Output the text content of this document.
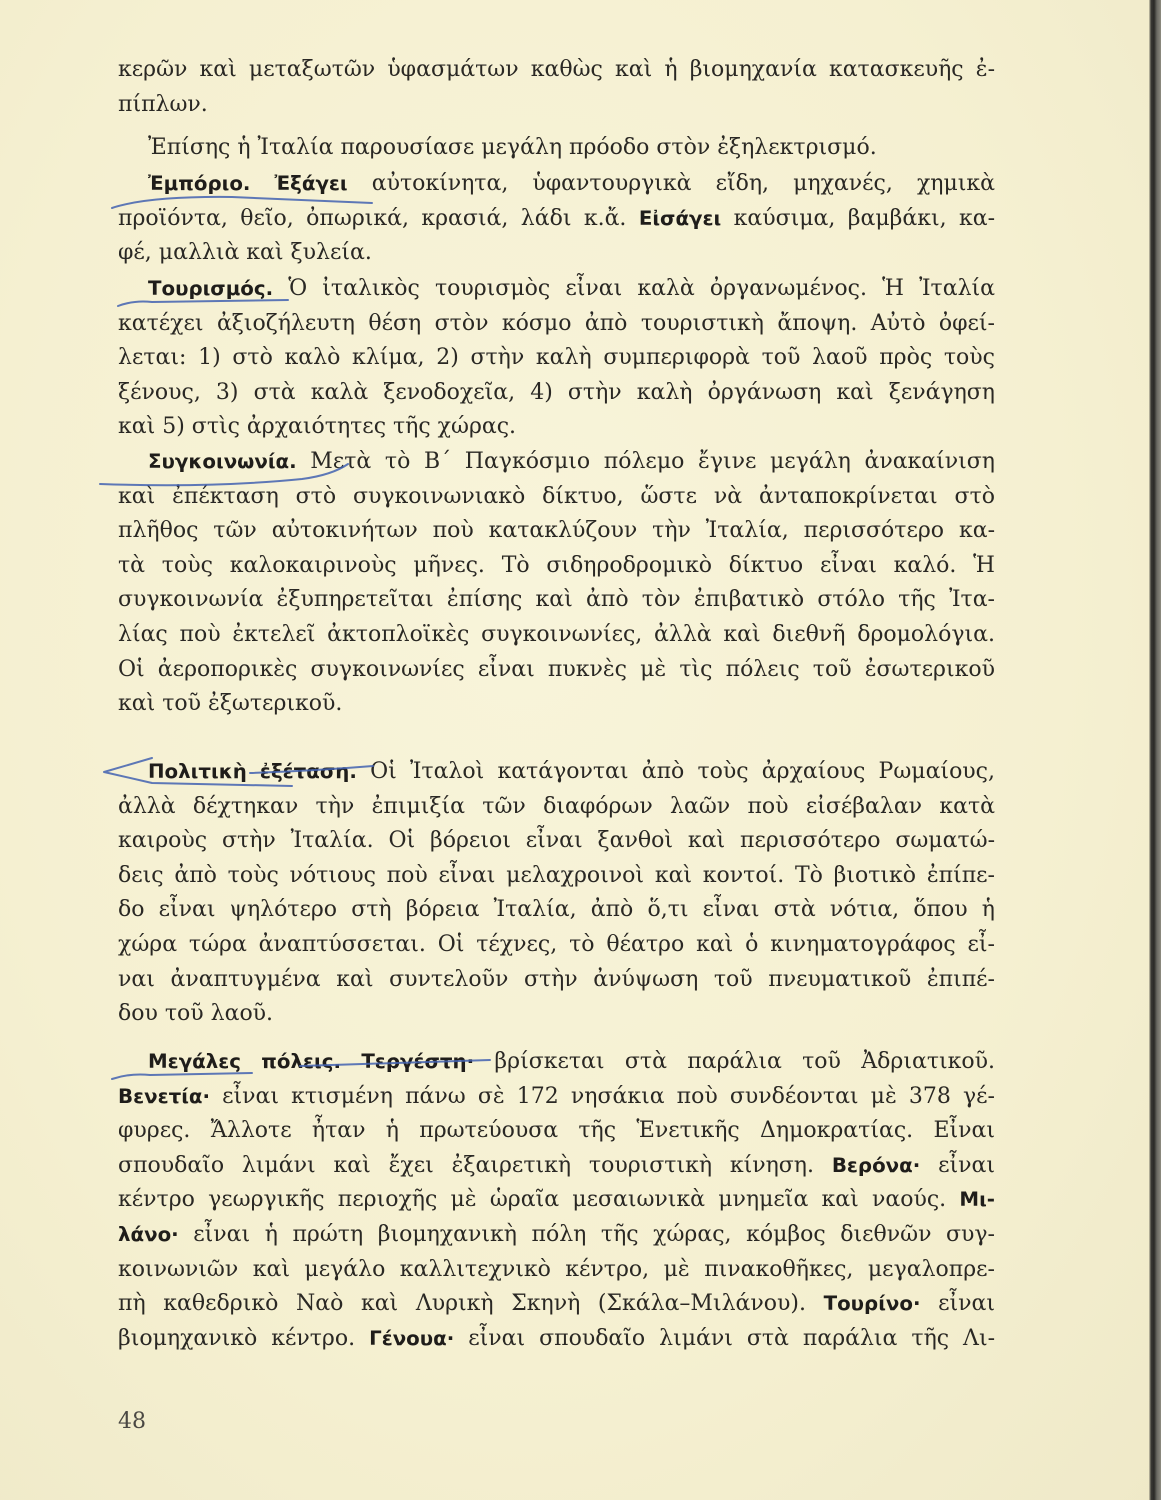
κερῶν καὶ μεταξωτῶν ὑφασμάτων καθὼς καὶ ἡ βιομηχανία κατασκευῆς ἐ-
πίπλων.
Ἐπίσης ἡ Ἰταλία παρουσίασε μεγάλη πρόοδο στὸν ἐξηλεκτρισμό.
Ἐμπόριο. Ἐξάγει αὐτοκίνητα, ὑφαντουργικὰ εἴδη, μηχανές, χημικὰ
προϊόντα, θεῖο, ὀπωρικά, κρασιά, λάδι κ.ἄ. Εἰσάγει καύσιμα, βαμβάκι, κα-
φέ, μαλλιὰ καὶ ξυλεία.
Τουρισμός. Ὁ ἰταλικὸς τουρισμὸς εἶναι καλὰ ὀργανωμένος. Ἡ Ἰταλία
κατέχει ἀξιοζήλευτη θέση στὸν κόσμο ἀπὸ τουριστικὴ ἄποψη. Αὐτὸ ὀφεί-
λεται: 1) στὸ καλὸ κλίμα, 2) στὴν καλὴ συμπεριφορὰ τοῦ λαοῦ πρὸς τοὺς
ξένους, 3) στὰ καλὰ ξενοδοχεῖα, 4) στὴν καλὴ ὀργάνωση καὶ ξενάγηση
καὶ 5) στὶς ἀρχαιότητες τῆς χώρας.
Συγκοινωνία. Μετὰ τὸ Β΄ Παγκόσμιο πόλεμο ἔγινε μεγάλη ἀνακαίνιση
καὶ ἐπέκταση στὸ συγκοινωνιακὸ δίκτυο, ὥστε νὰ ἀνταποκρίνεται στὸ
πλῆθος τῶν αὐτοκινήτων ποὺ κατακλύζουν τὴν Ἰταλία, περισσότερο κα-
τὰ τοὺς καλοκαιρινοὺς μῆνες. Τὸ σιδηροδρομικὸ δίκτυο εἶναι καλό. Ἡ
συγκοινωνία ἐξυπηρετεῖται ἐπίσης καὶ ἀπὸ τὸν ἐπιβατικὸ στόλο τῆς Ἰτα-
λίας ποὺ ἐκτελεῖ ἀκτοπλοϊκὲς συγκοινωνίες, ἀλλὰ καὶ διεθνῆ δρομολόγια.
Οἱ ἀεροπορικὲς συγκοινωνίες εἶναι πυκνὲς μὲ τὶς πόλεις τοῦ ἐσωτερικοῦ
καὶ τοῦ ἐξωτερικοῦ.
Πολιτικὴ ἐξέταση. Οἱ Ἰταλοὶ κατάγονται ἀπὸ τοὺς ἀρχαίους Ρωμαίους,
ἀλλὰ δέχτηκαν τὴν ἐπιμιξία τῶν διαφόρων λαῶν ποὺ εἰσέβαλαν κατὰ
καιροὺς στὴν Ἰταλία. Οἱ βόρειοι εἶναι ξανθοὶ καὶ περισσότερο σωματώ-
δεις ἀπὸ τοὺς νότιους ποὺ εἶναι μελαχροινοὶ καὶ κοντοί. Τὸ βιοτικὸ ἐπίπε-
δο εἶναι ψηλότερο στὴ βόρεια Ἰταλία, ἀπὸ ὅ,τι εἶναι στὰ νότια, ὅπου ἡ
χώρα τώρα ἀναπτύσσεται. Οἱ τέχνες, τὸ θέατρο καὶ ὁ κινηματογράφος εἶ-
ναι ἀναπτυγμένα καὶ συντελοῦν στὴν ἀνύψωση τοῦ πνευματικοῦ ἐπιπέ-
δου τοῦ λαοῦ.
Μεγάλες πόλεις. Τεργέστη· βρίσκεται στὰ παράλια τοῦ Ἀδριατικοῦ.
Βενετία· εἶναι κτισμένη πάνω σὲ 172 νησάκια ποὺ συνδέονται μὲ 378 γέ-
φυρες. Ἄλλοτε ἦταν ἡ πρωτεύουσα τῆς Ἑνετικῆς Δημοκρατίας. Εἶναι
σπουδαῖο λιμάνι καὶ ἔχει ἐξαιρετικὴ τουριστικὴ κίνηση. Βερόνα· εἶναι
κέντρο γεωργικῆς περιοχῆς μὲ ὡραῖα μεσαιωνικὰ μνημεῖα καὶ ναούς. Μι-
λάνο· εἶναι ἡ πρώτη βιομηχανικὴ πόλη τῆς χώρας, κόμβος διεθνῶν συγ-
κοινωνιῶν καὶ μεγάλο καλλιτεχνικὸ κέντρο, μὲ πινακοθῆκες, μεγαλοπρε-
πὴ καθεδρικὸ Ναὸ καὶ Λυρικὴ Σκηνὴ (Σκάλα–Μιλάνου). Τουρίνο· εἶναι
βιομηχανικὸ κέντρο. Γένουα· εἶναι σπουδαῖο λιμάνι στὰ παράλια τῆς Λι-
48
